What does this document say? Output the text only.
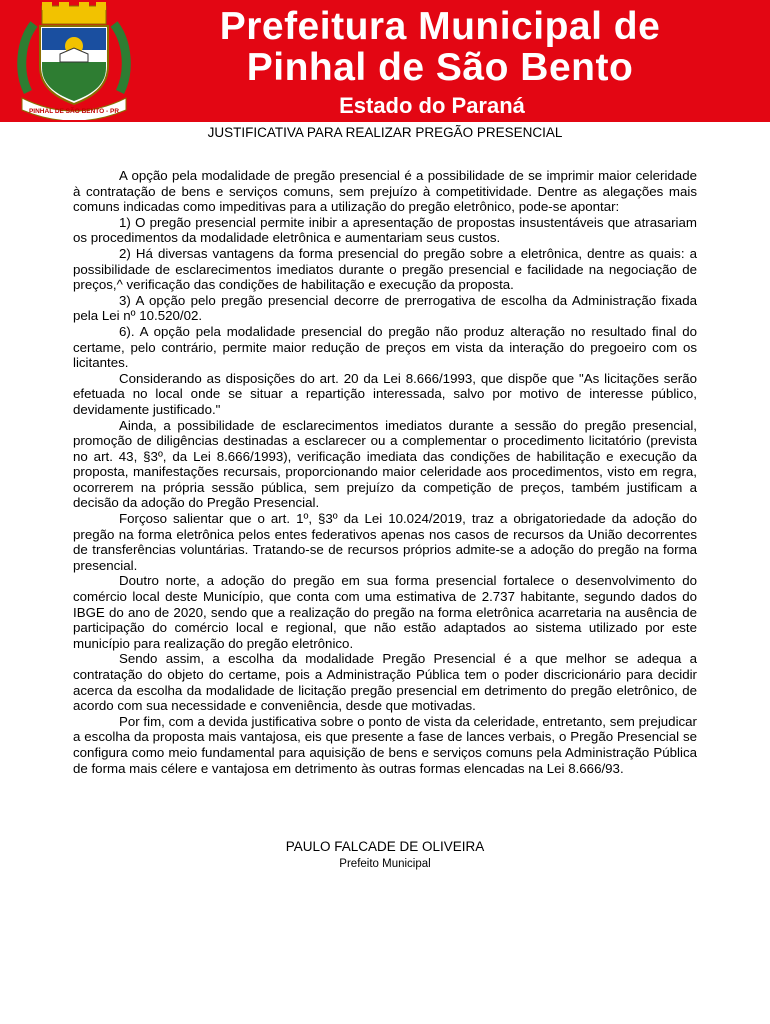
PINHAL DE SÃO BENTO - PR
Prefeitura Municipal de Pinhal de São Bento
Estado do Paraná
JUSTIFICATIVA PARA REALIZAR PREGÃO PRESENCIAL

A opção pela modalidade de pregão presencial é a possibilidade de se imprimir maior celeridade à contratação de bens e serviços comuns, sem prejuízo à competitividade. Dentre as alegações mais comuns indicadas como impeditivas para a utilização do pregão eletrônico, pode-se apontar:

1) O pregão presencial permite inibir a apresentação de propostas insustentáveis que atrasariam os procedimentos da modalidade eletrônica e aumentariam seus custos.

2) Há diversas vantagens da forma presencial do pregão sobre a eletrônica, dentre as quais: a possibilidade de esclarecimentos imediatos durante o pregão presencial e facilidade na negociação de preços,^ verificação das condições de habilitação e execução da proposta.

3) A opção pelo pregão presencial decorre de prerrogativa de escolha da Administração fixada pela Lei nº 10.520/02.

6). A opção pela modalidade presencial do pregão não produz alteração no resultado final do certame, pelo contrário, permite maior redução de preços em vista da interação do pregoeiro com os licitantes.

Considerando as disposições do art. 20 da Lei 8.666/1993, que dispõe que "As licitações serão efetuada no local onde se situar a repartição interessada, salvo por motivo de interesse público, devidamente justificado."

Ainda, a possibilidade de esclarecimentos imediatos durante a sessão do pregão presencial, promoção de diligências destinadas a esclarecer ou a complementar o procedimento licitatório (prevista no art. 43, §3º, da Lei 8.666/1993), verificação imediata das condições de habilitação e execução da proposta, manifestações recursais, proporcionando maior celeridade aos procedimentos, visto em regra, ocorrerem na própria sessão pública, sem prejuízo da competição de preços, também justificam a decisão da adoção do Pregão Presencial.

Forçoso salientar que o art. 1º, §3º da Lei 10.024/2019, traz a obrigatoriedade da adoção do pregão na forma eletrônica pelos entes federativos apenas nos casos de recursos da União decorrentes de transferências voluntárias. Tratando-se de recursos próprios admite-se a adoção do pregão na forma presencial.

Doutro norte, a adoção do pregão em sua forma presencial fortalece o desenvolvimento do comércio local deste Município, que conta com uma estimativa de 2.737 habitante, segundo dados do IBGE do ano de 2020, sendo que a realização do pregão na forma eletrônica acarretaria na ausência de participação do comércio local e regional, que não estão adaptados ao sistema utilizado por este município para realização do pregão eletrônico.

Sendo assim, a escolha da modalidade Pregão Presencial é a que melhor se adequa a contratação do objeto do certame, pois a Administração Pública tem o poder discricionário para decidir acerca da escolha da modalidade de licitação pregão presencial em detrimento do pregão eletrônico, de acordo com sua necessidade e conveniência, desde que motivadas.

Por fim, com a devida justificativa sobre o ponto de vista da celeridade, entretanto, sem prejudicar a escolha da proposta mais vantajosa, eis que presente a fase de lances verbais, o Pregão Presencial se configura como meio fundamental para aquisição de bens e serviços comuns pela Administração Pública de forma mais célere e vantajosa em detrimento às outras formas elencadas na Lei 8.666/93.

PAULO FALCADE DE OLIVEIRA
Prefeito Municipal
